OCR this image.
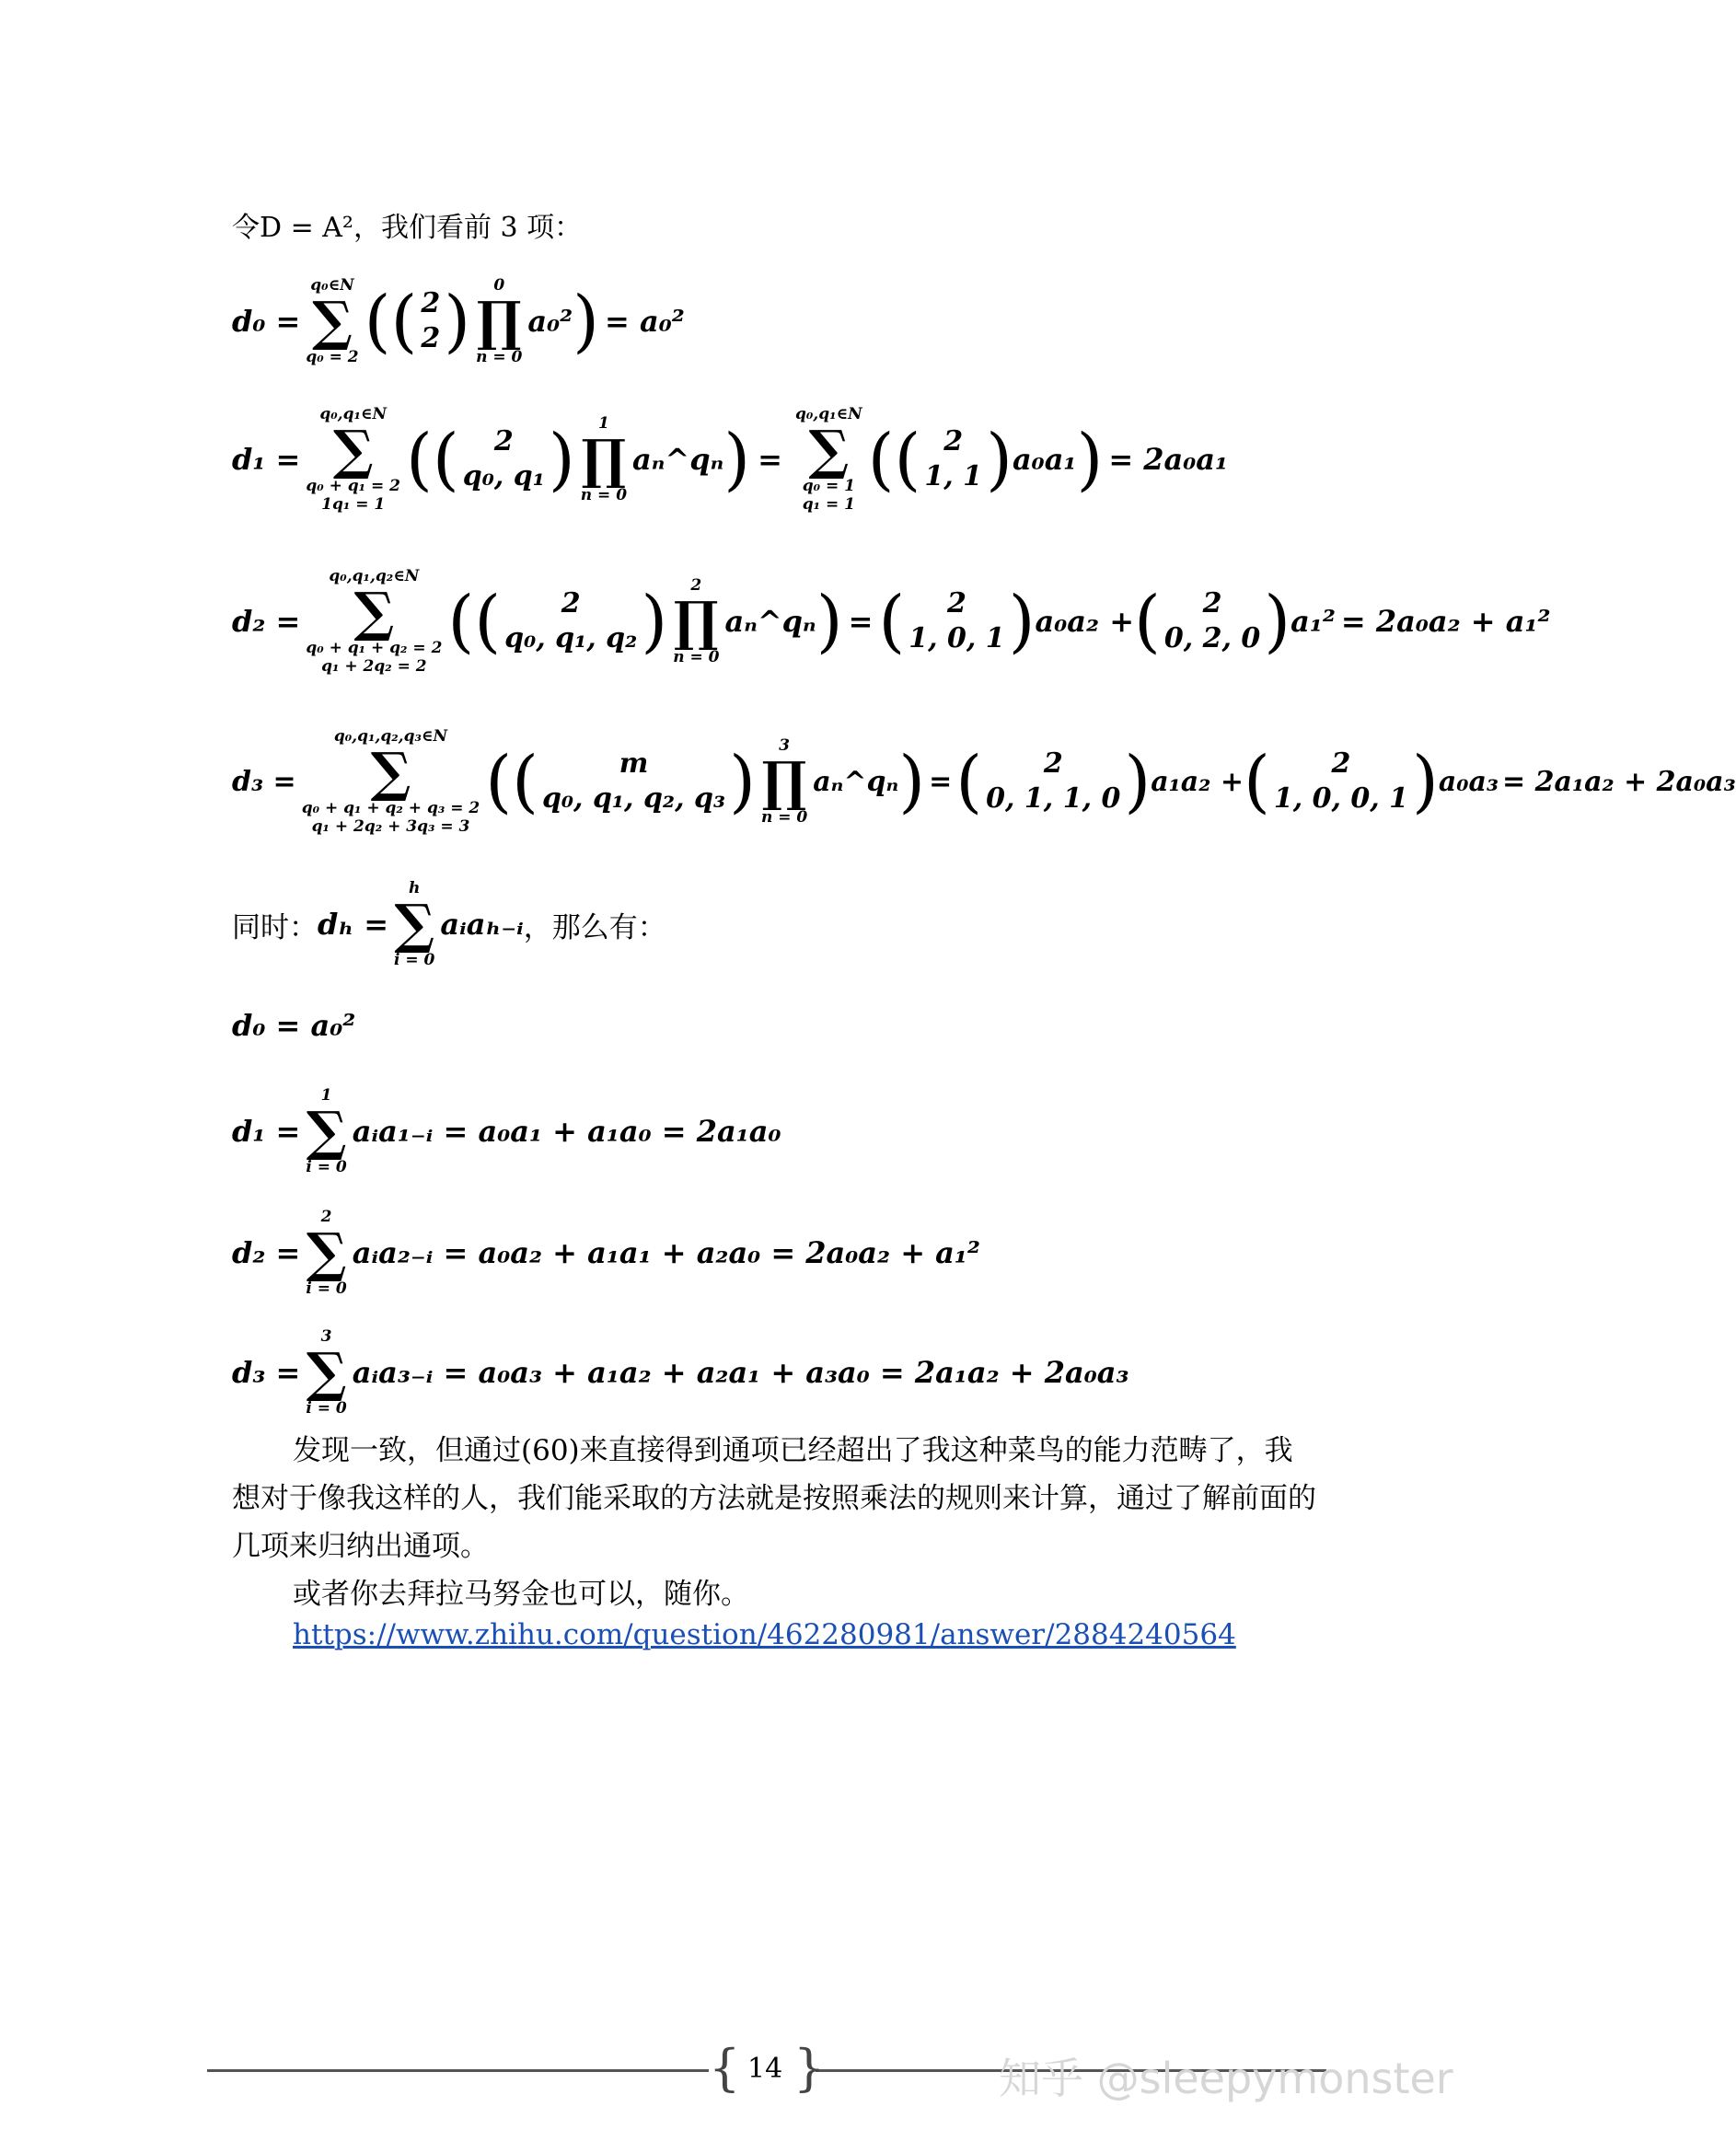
令D = A²，我们看前 3 项：
d₀ =
q₀∈N
∑
q₀ = 2 ( ( 2
2 ) 0
∏
n = 0
a₀² ) = a₀²
d₁ =
q₀,q₁∈N
∑
q₀ + q₁ = 2
1q₁ = 1
( ( 2
q₀, q₁ ) 1
∏
n = 0
aₙ^qₙ ) =
q₀,q₁∈N
∑
q₀ = 1
q₁ = 1
( ( 2
1, 1 ) a₀a₁ ) = 2a₀a₁
d₂ =
q₀,q₁,q₂∈N
∑
q₀ + q₁ + q₂ = 2
q₁ + 2q₂ = 2
( ( 2
q₀, q₁, q₂ ) 2
∏
n = 0
aₙ^qₙ ) = ( 2
1, 0, 1 ) a₀a₂ + ( 2
0, 2, 0 ) a₁² = 2a₀a₂ + a₁²
d₃ =
q₀,q₁,q₂,q₃∈N
∑
q₀ + q₁ + q₂ + q₃ = 2
q₁ + 2q₂ + 3q₃ = 3
( (	m
q₀, q₁, q₂, q₃ ) 3
∏
n = 0
aₙ^qₙ ) = ( 2
0, 1, 1, 0 ) a₁a₂ + ( 2
1, 0, 0, 1 ) a₀a₃ = 2a₁a₂ + 2a₀a₃
同时： dₕ =
h
∑
i = 0
aᵢaₕ₋ᵢ ，那么有：
d₀ = a₀²
d₁ =
1
∑
i = 0
aᵢa₁₋ᵢ = a₀a₁ + a₁a₀ = 2a₁a₀
d₂ =
2
∑
i = 0
aᵢa₂₋ᵢ = a₀a₂ + a₁a₁ + a₂a₀ = 2a₀a₂ + a₁²
d₃ =
3
∑
i = 0
aᵢa₃₋ᵢ = a₀a₃ + a₁a₂ + a₂a₁ + a₃a₀ = 2a₁a₂ + 2a₀a₃
发现一致，但通过(60)来直接得到通项已经超出了我这种菜鸟的能力范畴了，我想对于像我这样的人，我们能采取的方法就是按照乘法的规则来计算，通过了解前面的几项来归纳出通项。
或者你去拜拉马努金也可以，随你。
https://www.zhihu.com/question/462280981/answer/2884240564
{ }
14	知乎 @sleepymonster
